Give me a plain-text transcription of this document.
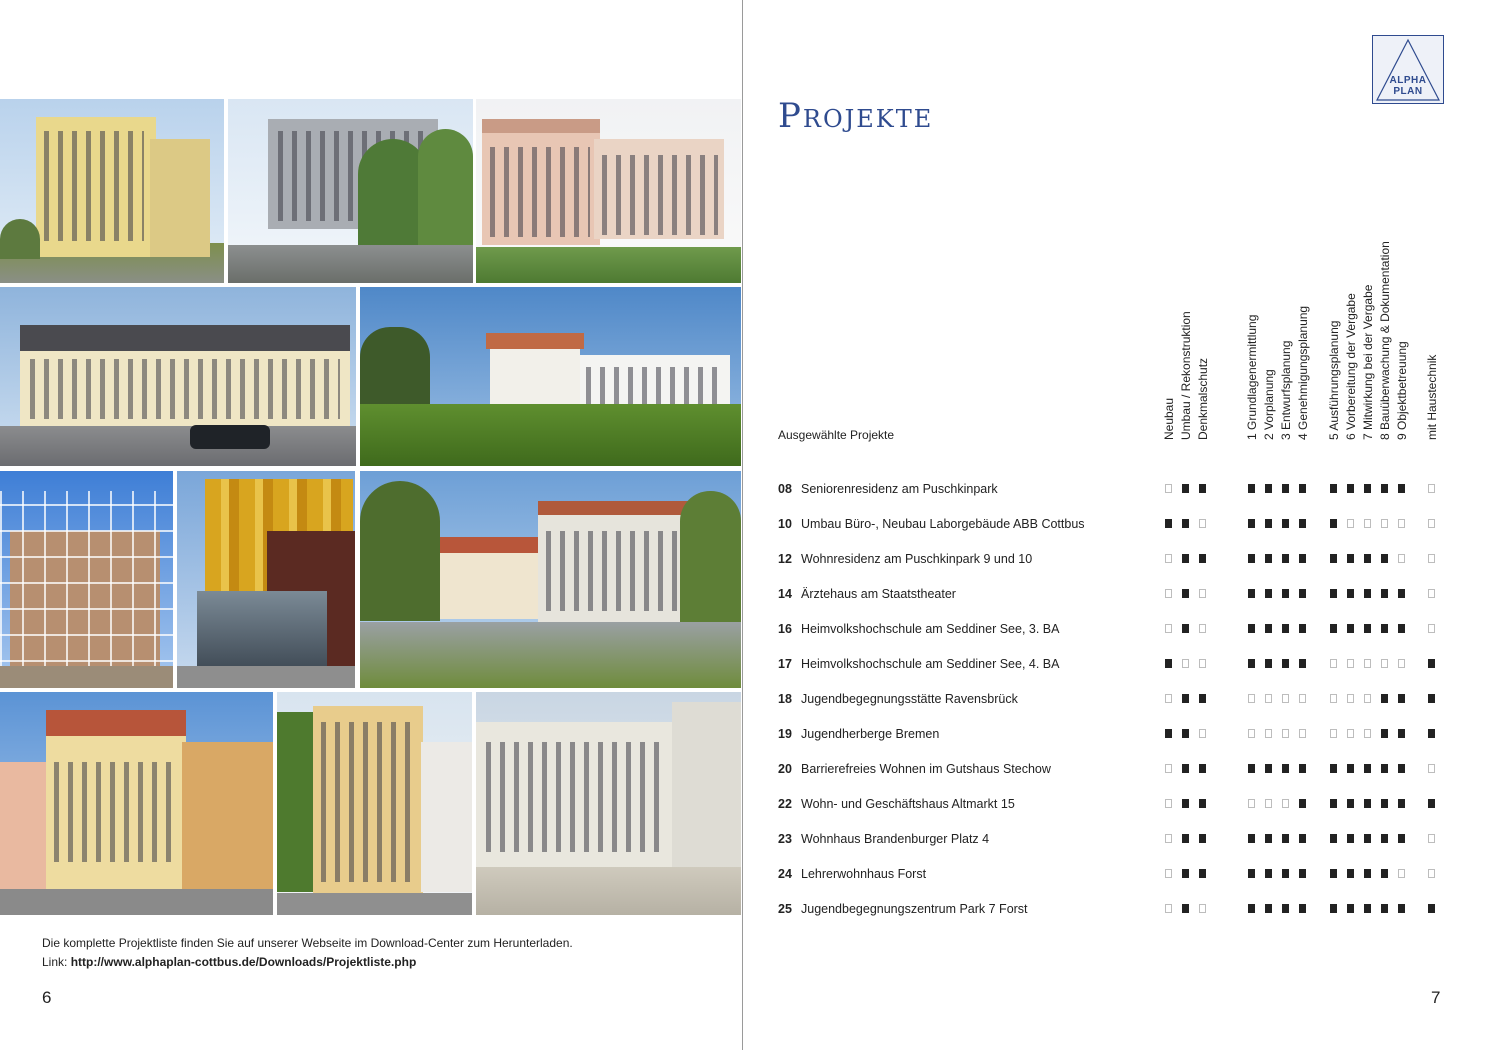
Die komplette Projektliste finden Sie auf unserer Webseite im Download-Center zum Herunterladen.
Link: http://www.alphaplan-cottbus.de/Downloads/Projektliste.php
6
ALPHA
PLAN
Projekte
Ausgewählte Projekte	Neubau Umbau / Rekonstruktion Denkmalschutz	1 Grundlagenermittlung 2 Vorplanung 3 Entwurfsplanung 4 Genehmigungsplanung 5 Ausführungsplanung 6 Vorbereitung der Vergabe 7 Mitwirkung bei der Vergabe 8 Bauüberwachung & Dokumentation 9 Objektbetreuung mit Haustechnik
08 Seniorenresidenz am Puschkinpark
10 Umbau Büro-, Neubau Laborgebäude ABB Cottbus
12 Wohnresidenz am Puschkinpark 9 und 10
14 Ärztehaus am Staatstheater
16 Heimvolkshochschule am Seddiner See, 3. BA
17 Heimvolkshochschule am Seddiner See, 4. BA
18 Jugendbegegnungsstätte Ravensbrück
19 Jugendherberge Bremen
20 Barrierefreies Wohnen im Gutshaus Stechow
22 Wohn- und Geschäftshaus Altmarkt 15
23 Wohnhaus Brandenburger Platz 4
24 Lehrerwohnhaus Forst
25 Jugendbegegnungszentrum Park 7 Forst
7
